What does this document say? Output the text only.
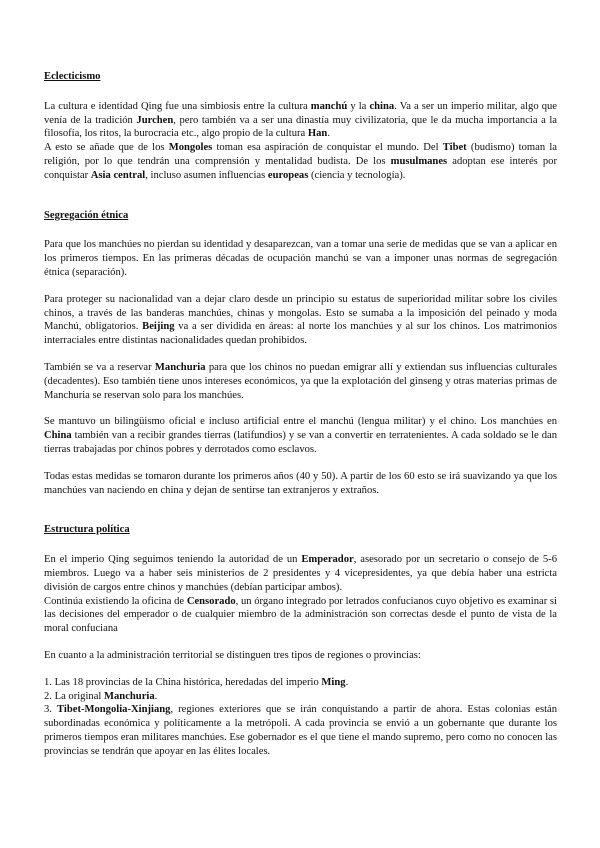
Eclecticismo

La cultura e identidad Qing fue una simbiosis entre la cultura manchú y la china. Va a ser un imperio militar, algo que venía de la tradición Jurchen, pero también va a ser una dinastía muy civilizatoria, que le da mucha importancia a la filosofía, los ritos, la burocracia etc., algo propio de la cultura Han.

A esto se añade que de los Mongoles toman esa aspiración de conquistar el mundo. Del Tibet (budismo) toman la religión, por lo que tendrán una comprensión y mentalidad budista. De los musulmanes adoptan ese interés por conquistar Asia central, incluso asumen influencias europeas (ciencia y tecnología).

Segregación étnica

Para que los manchúes no pierdan su identidad y desaparezcan, van a tomar una serie de medidas que se van a aplicar en los primeros tiempos. En las primeras décadas de ocupación manchú se van a imponer unas normas de segregación étnica (separación).

Para proteger su nacionalidad van a dejar claro desde un principio su estatus de superioridad militar sobre los civiles chinos, a través de las banderas manchúes, chinas y mongolas. Esto se sumaba a la imposición del peinado y moda Manchú, obligatorios. Beijing va a ser dividida en áreas: al norte los manchúes y al sur los chinos. Los matrimonios interraciales entre distintas nacionalidades quedan prohibidos.

También se va a reservar Manchuria para que los chinos no puedan emigrar allí y extiendan sus influencias culturales (decadentes). Eso también tiene unos intereses económicos, ya que la explotación del ginseng y otras materias primas de Manchuria se reservan solo para los manchúes.

Se mantuvo un bilingüismo oficial e incluso artificial entre el manchú (lengua militar) y el chino. Los manchúes en China también van a recibir grandes tierras (latifundios) y se van a convertir en terratenientes. A cada soldado se le dan tierras trabajadas por chinos pobres y derrotados como esclavos.

Todas estas medidas se tomaron durante los primeros años (40 y 50). A partir de los 60 esto se irá suavizando ya que los manchúes van naciendo en china y dejan de sentirse tan extranjeros y extraños.

Estructura política

En el imperio Qing seguimos teniendo la autoridad de un Emperador, asesorado por un secretario o consejo de 5-6 miembros. Luego va a haber seis ministerios de 2 presidentes y 4 vicepresidentes, ya que debía haber una estricta división de cargos entre chinos y manchúes (debían participar ambos).

Continúa existiendo la oficina de Censorado, un órgano integrado por letrados confucianos cuyo objetivo es examinar si las decisiones del emperador o de cualquier miembro de la administración son correctas desde el punto de vista de la moral confuciana

En cuanto a la administración territorial se distinguen tres tipos de regiones o provincias:

1. Las 18 provincias de la China histórica, heredadas del imperio Ming.

2. La original Manchuria.

3. Tibet-Mongolia-Xinjiang, regiones exteriores que se irán conquistando a partir de ahora. Estas colonias están subordinadas económica y políticamente a la metrópoli. A cada provincia se envió a un gobernante que durante los primeros tiempos eran militares manchúes. Ese gobernador es el que tiene el mando supremo, pero como no conocen las provincias se tendrán que apoyar en las élites locales.
